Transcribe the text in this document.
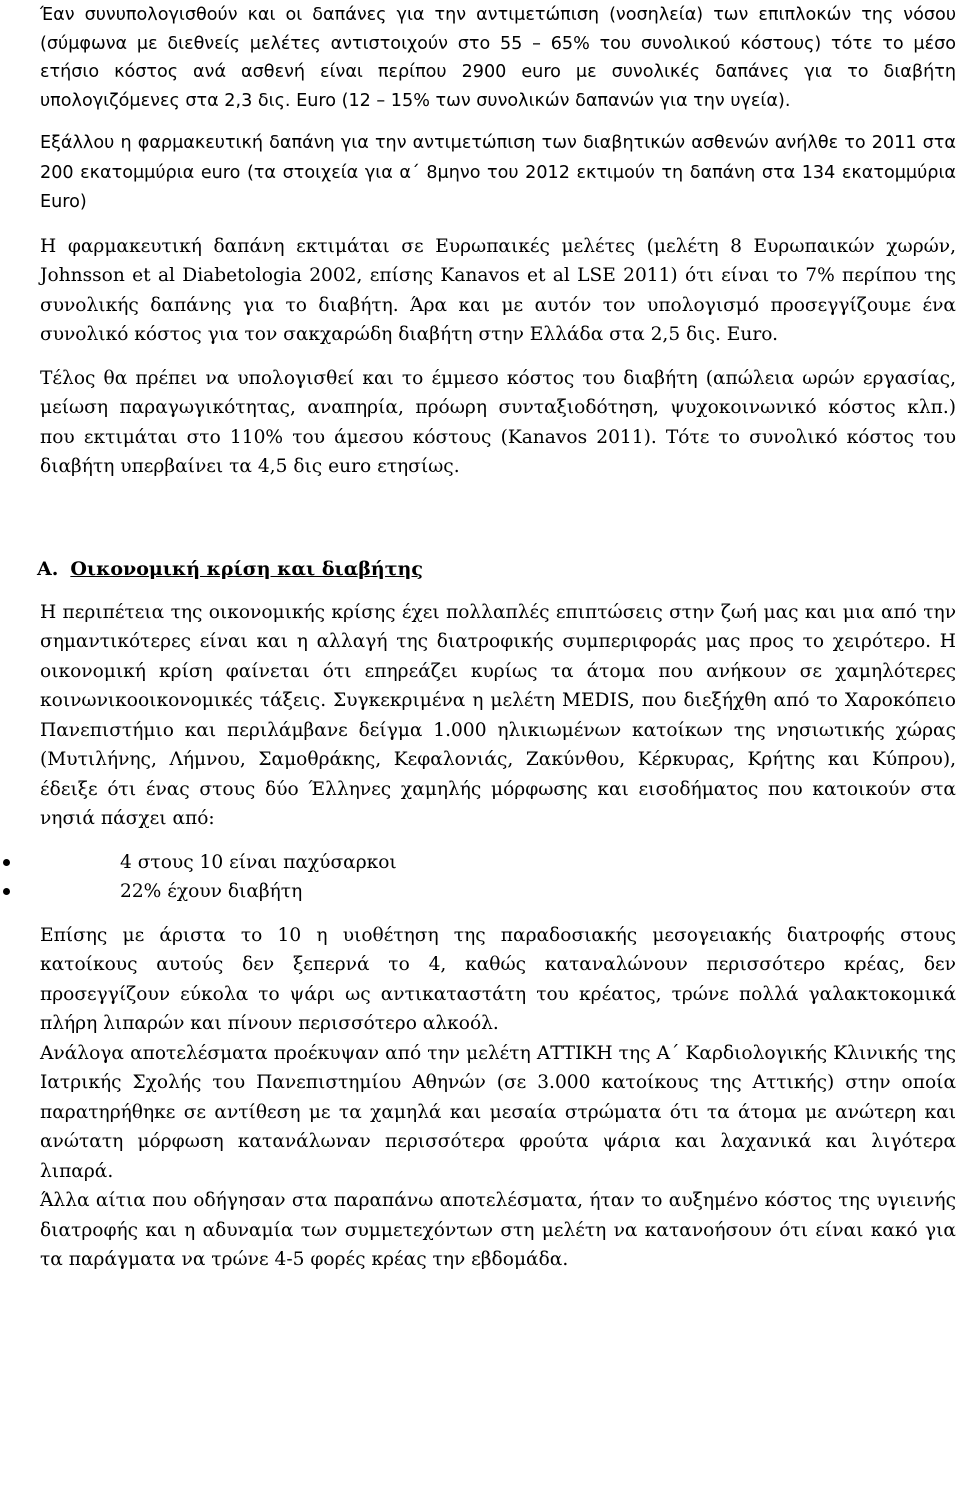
Έαν συνυπολογισθούν και οι δαπάνες για την αντιμετώπιση (νοσηλεία) των επιπλοκών της νόσου (σύμφωνα με διεθνείς μελέτες αντιστοιχούν στο 55 – 65% του συνολικού κόστους) τότε το μέσο ετήσιο κόστος ανά ασθενή είναι περίπου 2900 euro με συνολικές δαπάνες για το διαβήτη υπολογιζόμενες στα 2,3 δις. Euro (12 – 15% των συνολικών δαπανών για την υγεία).

Εξάλλου η φαρμακευτική δαπάνη για την αντιμετώπιση των διαβητικών ασθενών ανήλθε το 2011 στα 200 εκατομμύρια euro (τα στοιχεία για α΄ 8μηνο του 2012 εκτιμούν τη δαπάνη στα 134 εκατομμύρια Euro)

Η φαρμακευτική δαπάνη εκτιμάται σε Ευρωπαικές μελέτες (μελέτη 8 Ευρωπαικών χωρών, Johnsson et al Diabetologia 2002, επίσης Kanavos et al LSE 2011) ότι είναι το 7% περίπου της συνολικής δαπάνης για το διαβήτη. Άρα και με αυτόν τον υπολογισμό προσεγγίζουμε ένα συνολικό κόστος για τον σακχαρώδη διαβήτη στην Ελλάδα στα 2,5 δις. Euro.

Τέλος θα πρέπει να υπολογισθεί και το έμμεσο κόστος του διαβήτη (απώλεια ωρών εργασίας, μείωση παραγωγικότητας, αναπηρία, πρόωρη συνταξιοδότηση, ψυχοκοινωνικό κόστος κλπ.) που εκτιμάται στο 110% του άμεσου κόστους (Kanavos 2011). Τότε το συνολικό κόστος του διαβήτη υπερβαίνει τα 4,5 δις euro ετησίως.

Α. Οικονομική κρίση και διαβήτης

Η περιπέτεια της οικονομικής κρίσης έχει πολλαπλές επιπτώσεις στην ζωή μας και μια από την σημαντικότερες είναι και η αλλαγή της διατροφικής συμπεριφοράς μας προς το χειρότερο. Η οικονομική κρίση φαίνεται ότι επηρεάζει κυρίως τα άτομα που ανήκουν σε χαμηλότερες κοινωνικοοικονομικές τάξεις. Συγκεκριμένα η μελέτη MEDIS, που διεξήχθη από το Χαροκόπειο Πανεπιστήμιο και περιλάμβανε δείγμα 1.000 ηλικιωμένων κατοίκων της νησιωτικής χώρας (Μυτιλήνης, Λήμνου, Σαμοθράκης, Κεφαλονιάς, Ζακύνθου, Κέρκυρας, Κρήτης και Κύπρου), έδειξε ότι ένας στους δύο Έλληνες χαμηλής μόρφωσης και εισοδήματος που κατοικούν στα νησιά πάσχει από:

4 στους 10 είναι παχύσαρκοι
22% έχουν διαβήτη

Επίσης με άριστα το 10 η υιοθέτηση της παραδοσιακής μεσογειακής διατροφής στους κατοίκους αυτούς δεν ξεπερνά το 4, καθώς καταναλώνουν περισσότερο κρέας, δεν προσεγγίζουν εύκολα το ψάρι ως αντικαταστάτη του κρέατος, τρώνε πολλά γαλακτοκομικά πλήρη λιπαρών και πίνουν περισσότερο αλκοόλ.

Ανάλογα αποτελέσματα προέκυψαν από την μελέτη ΑΤΤΙΚΗ της Α΄ Καρδιολογικής Κλινικής της Ιατρικής Σχολής του Πανεπιστημίου Αθηνών (σε 3.000 κατοίκους της Αττικής) στην οποία παρατηρήθηκε σε αντίθεση με τα χαμηλά και μεσαία στρώματα ότι τα άτομα με ανώτερη και ανώτατη μόρφωση κατανάλωναν περισσότερα φρούτα ψάρια και λαχανικά και λιγότερα λιπαρά.

Άλλα αίτια που οδήγησαν στα παραπάνω αποτελέσματα, ήταν το αυξημένο κόστος της υγιεινής διατροφής και η αδυναμία των συμμετεχόντων στη μελέτη να κατανοήσουν ότι είναι κακό για τα παράγματα να τρώνε 4-5 φορές κρέας την εβδομάδα.
